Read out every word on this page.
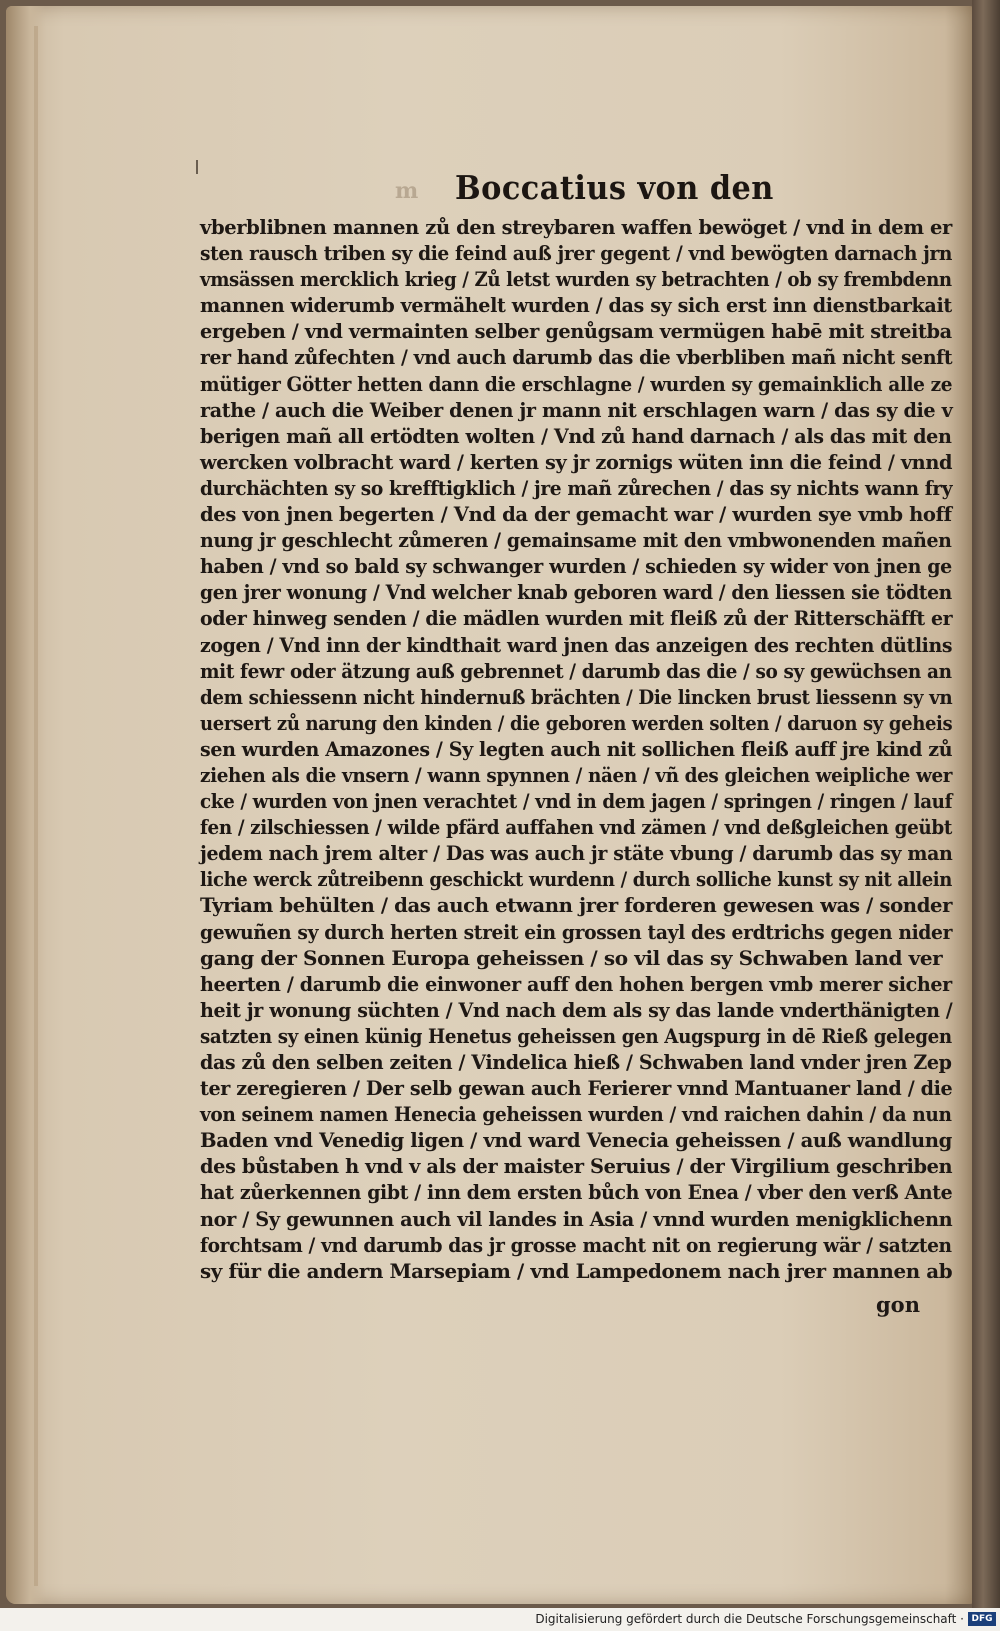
m Boccatius von den
vberblibnen mannen zů den streybaren waffen bewöget / vnd in dem er
sten rausch triben sy die feind auß jrer gegent / vnd bewögten darnach jrn
vmsässen mercklich krieg / Zů letst wurden sy betrachten / ob sy frembdenn
mannen widerumb vermähelt wurden / das sy sich erst inn dienstbarkait
ergeben / vnd vermainten selber genůgsam vermügen habē mit streitba
rer hand zůfechten / vnd auch darumb das die vberbliben mañ nicht senft
mütiger Götter hetten dann die erschlagne / wurden sy gemainklich alle ze
rathe / auch die Weiber denen jr mann nit erschlagen warn / das sy die v
berigen mañ all ertödten wolten / Vnd zů hand darnach / als das mit den
wercken volbracht ward / kerten sy jr zornigs wüten inn die feind / vnnd
durchächten sy so krefftigklich / jre mañ zůrechen / das sy nichts wann fry
des von jnen begerten / Vnd da der gemacht war / wurden sye vmb hoff
nung jr geschlecht zůmeren / gemainsame mit den vmbwonenden mañen
haben / vnd so bald sy schwanger wurden / schieden sy wider von jnen ge
gen jrer wonung / Vnd welcher knab geboren ward / den liessen sie tödten
oder hinweg senden / die mädlen wurden mit fleiß zů der Ritterschäfft er
zogen / Vnd inn der kindthait ward jnen das anzeigen des rechten dütlins
mit fewr oder ätzung auß gebrennet / darumb das die / so sy gewüchsen an
dem schiessenn nicht hindernuß brächten / Die lincken brust liessenn sy vn
uersert zů narung den kinden / die geboren werden solten / daruon sy geheis
sen wurden Amazones / Sy legten auch nit sollichen fleiß auff jre kind zů
ziehen als die vnsern / wann spynnen / näen / vñ des gleichen weipliche wer
cke / wurden von jnen verachtet / vnd in dem jagen / springen / ringen / lauf
fen / zilschiessen / wilde pfärd auffahen vnd zämen / vnd deßgleichen geübt
jedem nach jrem alter / Das was auch jr stäte vbung / darumb das sy man
liche werck zůtreibenn geschickt wurdenn / durch solliche kunst sy nit allein
Tyriam behülten / das auch etwann jrer forderen gewesen was / sonder
gewuñen sy durch herten streit ein grossen tayl des erdtrichs gegen nider
gang der Sonnen Europa geheissen / so vil das sy Schwaben land ver
heerten / darumb die einwoner auff den hohen bergen vmb merer sicher
heit jr wonung süchten / Vnd nach dem als sy das lande vnderthänigten /
satzten sy einen künig Henetus geheissen gen Augspurg in dē Rieß gelegen
das zů den selben zeiten / Vindelica hieß / Schwaben land vnder jren Zep
ter zeregieren / Der selb gewan auch Ferierer vnnd Mantuaner land / die
von seinem namen Henecia geheissen wurden / vnd raichen dahin / da nun
Baden vnd Venedig ligen / vnd ward Venecia geheissen / auß wandlung
des bůstaben h vnd v als der maister Seruius / der Virgilium geschriben
hat zůerkennen gibt / inn dem ersten bůch von Enea / vber den verß Ante
nor / Sy gewunnen auch vil landes in Asia / vnnd wurden menigklichenn
forchtsam / vnd darumb das jr grosse macht nit on regierung wär / satzten
sy für die andern Marsepiam / vnd Lampedonem nach jrer mannen ab
gon
Digitalisierung gefördert durch die Deutsche Forschungsgemeinschaft · DFG
